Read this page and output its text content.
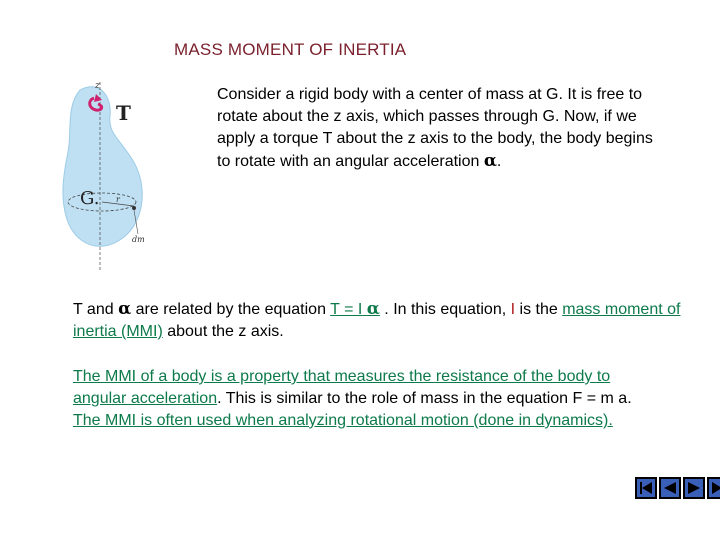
MASS MOMENT OF INERTIA
z
T
G. r
dm
Consider a rigid body with a center of mass at G. It is free to rotate about the z axis, which passes through G. Now, if we apply a torque T about the z axis to the body, the body begins to rotate with an angular acceleration α.
T and α are related by the equation T = I α . In this equation, I is the mass moment of inertia (MMI) about the z axis.
The MMI of a body is a property that measures the resistance of the body to angular acceleration. This is similar to the role of mass in the equation F = m a. The MMI is often used when analyzing rotational motion (done in dynamics).
